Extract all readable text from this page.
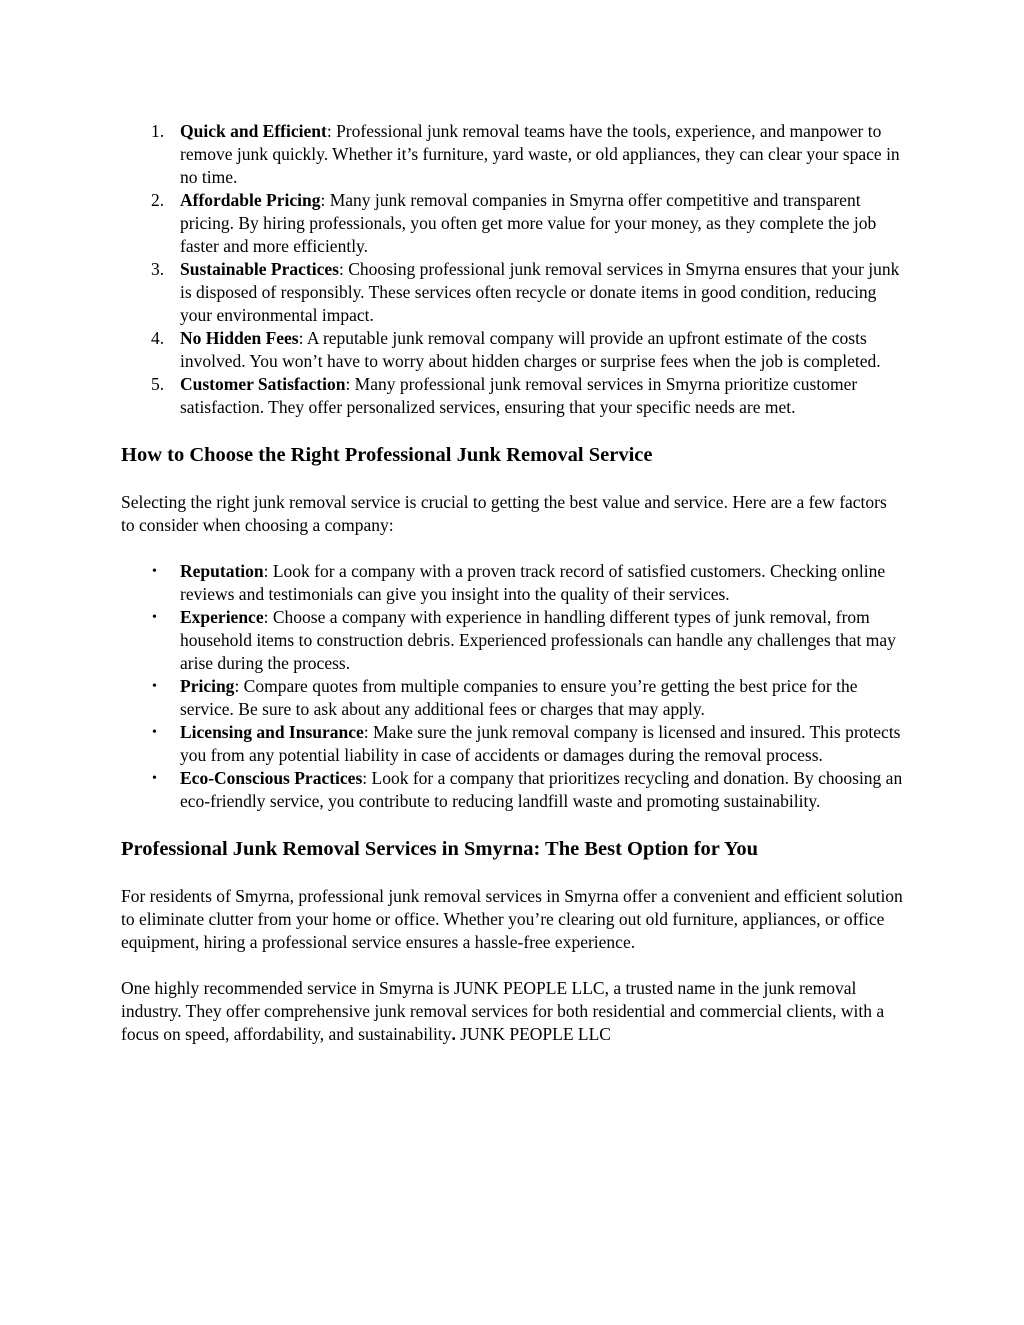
1. Quick and Efficient: Professional junk removal teams have the tools, experience, and manpower to remove junk quickly. Whether it’s furniture, yard waste, or old appliances, they can clear your space in no time.
2. Affordable Pricing: Many junk removal companies in Smyrna offer competitive and transparent pricing. By hiring professionals, you often get more value for your money, as they complete the job faster and more efficiently.
3. Sustainable Practices: Choosing professional junk removal services in Smyrna ensures that your junk is disposed of responsibly. These services often recycle or donate items in good condition, reducing your environmental impact.
4. No Hidden Fees: A reputable junk removal company will provide an upfront estimate of the costs involved. You won’t have to worry about hidden charges or surprise fees when the job is completed.
5. Customer Satisfaction: Many professional junk removal services in Smyrna prioritize customer satisfaction. They offer personalized services, ensuring that your specific needs are met.
How to Choose the Right Professional Junk Removal Service

Selecting the right junk removal service is crucial to getting the best value and service. Here are a few factors to consider when choosing a company:

• Reputation: Look for a company with a proven track record of satisfied customers. Checking online reviews and testimonials can give you insight into the quality of their services.
• Experience: Choose a company with experience in handling different types of junk removal, from household items to construction debris. Experienced professionals can handle any challenges that may arise during the process.
• Pricing: Compare quotes from multiple companies to ensure you’re getting the best price for the service. Be sure to ask about any additional fees or charges that may apply.
• Licensing and Insurance: Make sure the junk removal company is licensed and insured. This protects you from any potential liability in case of accidents or damages during the removal process.
• Eco-Conscious Practices: Look for a company that prioritizes recycling and donation. By choosing an eco-friendly service, you contribute to reducing landfill waste and promoting sustainability.
Professional Junk Removal Services in Smyrna: The Best Option for You

For residents of Smyrna, professional junk removal services in Smyrna offer a convenient and efficient solution to eliminate clutter from your home or office. Whether you’re clearing out old furniture, appliances, or office equipment, hiring a professional service ensures a hassle-free experience.

One highly recommended service in Smyrna is JUNK PEOPLE LLC, a trusted name in the junk removal industry. They offer comprehensive junk removal services for both residential and commercial clients, with a focus on speed, affordability, and sustainability. JUNK PEOPLE LLC
